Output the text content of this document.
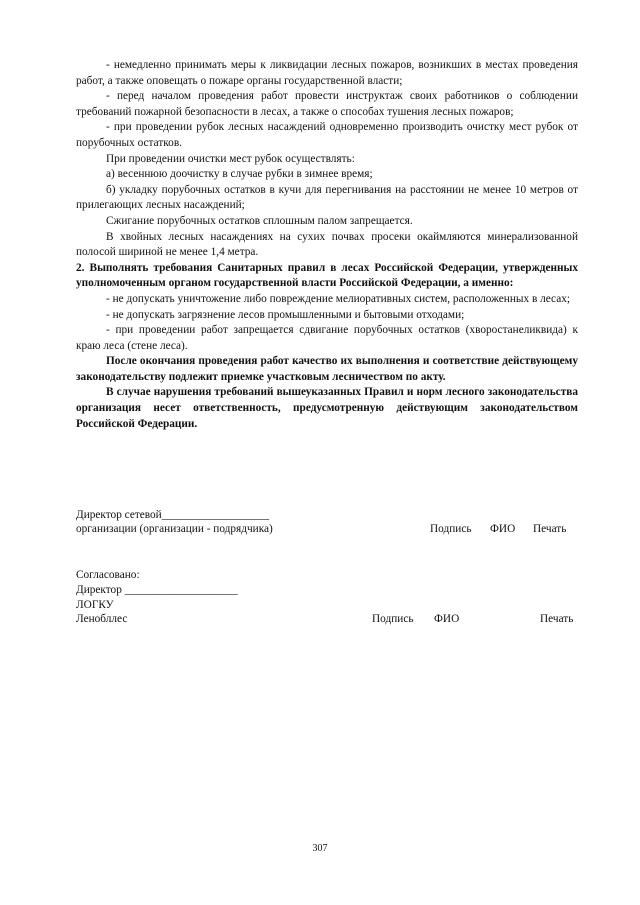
- немедленно принимать меры к ликвидации лесных пожаров, возникших в местах проведения работ, а также оповещать о пожаре органы государственной власти;

- перед началом проведения работ провести инструктаж своих работников о соблюдении требований пожарной безопасности в лесах, а также о способах тушения лесных пожаров;

- при проведении рубок лесных насаждений одновременно производить очистку мест рубок от порубочных остатков.

При проведении очистки мест рубок осуществлять:

а) весеннюю доочистку в случае рубки в зимнее время;

б) укладку порубочных остатков в кучи для перегнивания на расстоянии не менее 10 метров от прилегающих лесных насаждений;

Сжигание порубочных остатков сплошным палом запрещается.

В хвойных лесных насаждениях на сухих почвах просеки окаймляются минерализованной полосой шириной не менее 1,4 метра.

2. Выполнять требования Санитарных правил в лесах Российской Федерации, утвержденных уполномоченным органом государственной власти Российской Федерации, а именно:

- не допускать уничтожение либо повреждение мелиоративных систем, расположенных в лесах;

- не допускать загрязнение лесов промышленными и бытовыми отходами;

- при проведении работ запрещается сдвигание порубочных остатков (хворостанеликвида) к краю леса (стене леса).

После окончания проведения работ качество их выполнения и соответствие действующему законодательству подлежит приемке участковым лесничеством по акту.

В случае нарушения требований вышеуказанных Правил и норм лесного законодательства организация несет ответственность, предусмотренную действующим законодательством Российской Федерации.

Директор сетевой___________________
организации (организации - подрядчика)	Подпись ФИО Печать
Согласовано:
Директор ____________________
ЛОГКУ
Ленобллес	Подпись ФИО	Печать
307
